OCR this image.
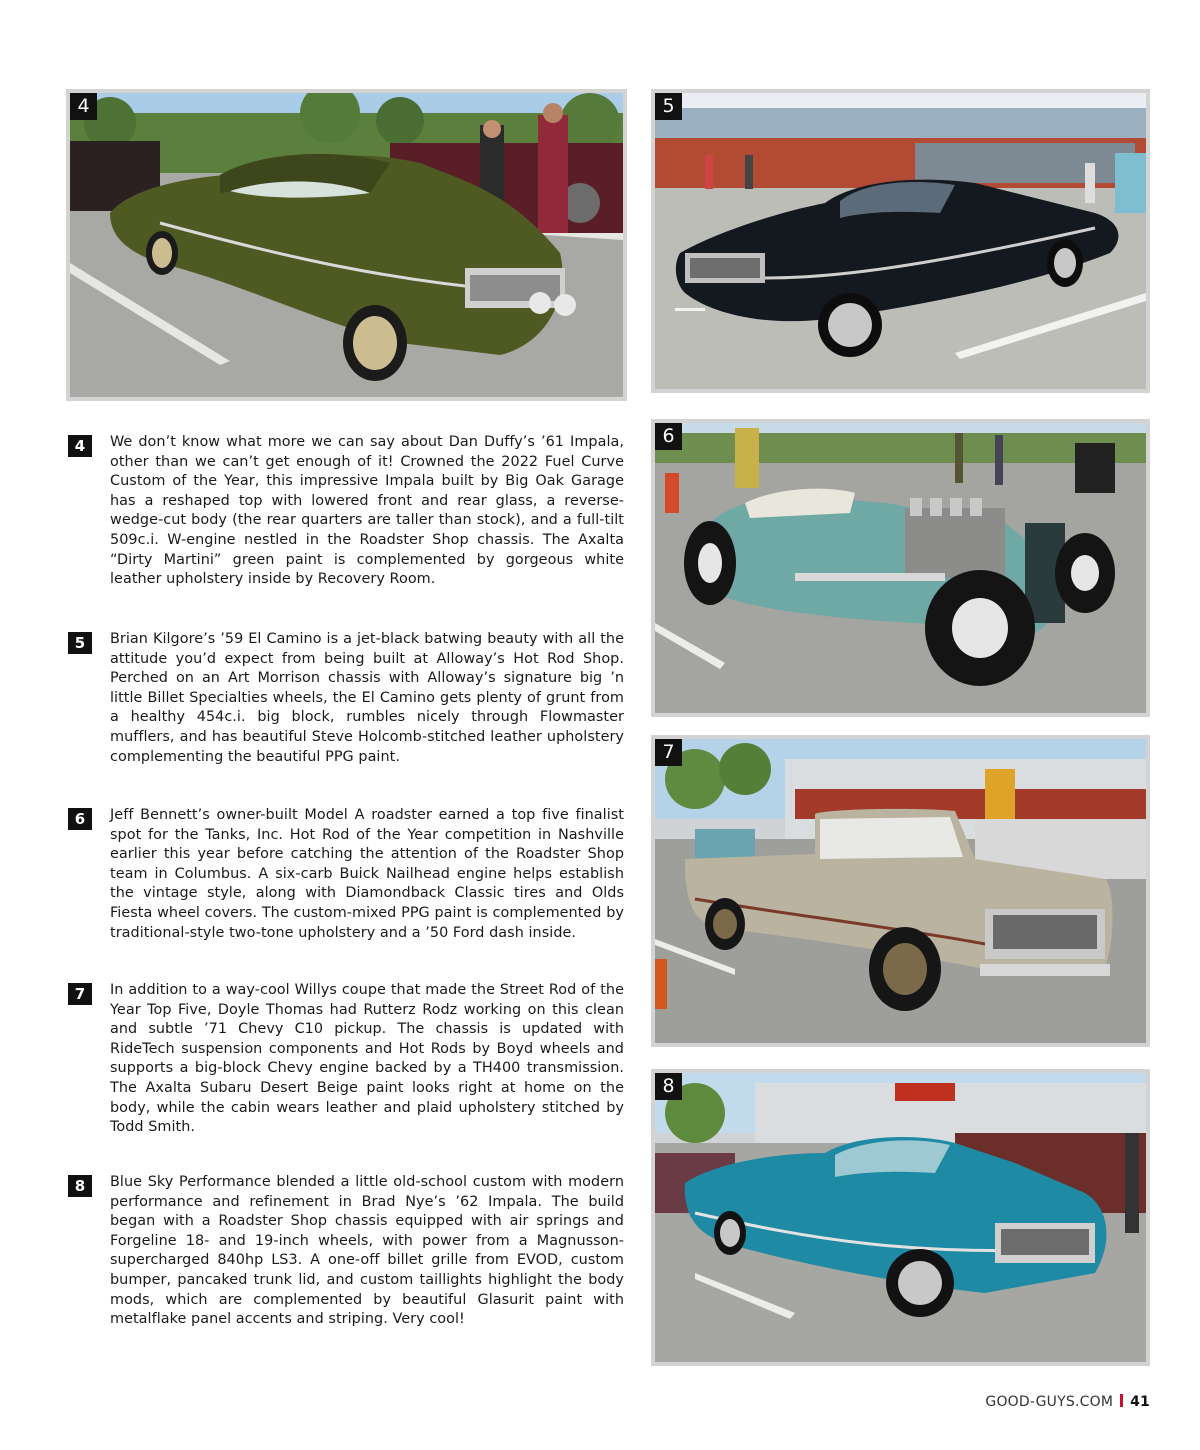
4	5
6
7
8
4	We don’t know what more we can say about Dan Duffy’s ’61 Impala, other than we can’t get enough of it! Crowned the 2022 Fuel Curve Custom of the Year, this impressive Impala built by Big Oak Garage has a reshaped top with lowered front and rear glass, a reverse-wedge-cut body (the rear quarters are taller than stock), and a full-tilt 509c.i. W-engine nestled in the Roadster Shop chassis. The Axalta “Dirty Martini” green paint is complemented by gorgeous white leather upholstery inside by Recovery Room.

5	Brian Kilgore’s ’59 El Camino is a jet-black batwing beauty with all the attitude you’d expect from being built at Alloway’s Hot Rod Shop. Perched on an Art Morrison chassis with Alloway’s signature big ’n little Billet Specialties wheels, the El Camino gets plenty of grunt from a healthy 454c.i. big block, rumbles nicely through Flowmaster mufflers, and has beautiful Steve Holcomb-stitched leather upholstery complementing the beautiful PPG paint.

6	Jeff Bennett’s owner-built Model A roadster earned a top five finalist spot for the Tanks, Inc. Hot Rod of the Year competition in Nashville earlier this year before catching the attention of the Roadster Shop team in Columbus. A six-carb Buick Nailhead engine helps establish the vintage style, along with Diamondback Classic tires and Olds Fiesta wheel covers. The custom-mixed PPG paint is complemented by traditional-style two-tone upholstery and a ’50 Ford dash inside.

7	In addition to a way-cool Willys coupe that made the Street Rod of the Year Top Five, Doyle Thomas had Rutterz Rodz working on this clean and subtle ’71 Chevy C10 pickup. The chassis is updated with RideTech suspension components and Hot Rods by Boyd wheels and supports a big-block Chevy engine backed by a TH400 transmission. The Axalta Subaru Desert Beige paint looks right at home on the body, while the cabin wears leather and plaid upholstery stitched by Todd Smith.

8	Blue Sky Performance blended a little old-school custom with modern performance and refinement in Brad Nye’s ’62 Impala. The build began with a Roadster Shop chassis equipped with air springs and Forgeline 18- and 19-inch wheels, with power from a Magnusson-supercharged 840hp LS3. A one-off billet grille from EVOD, custom bumper, pancaked trunk lid, and custom taillights highlight the body mods, which are complemented by beautiful Glasurit paint with metalflake panel accents and striping. Very cool!

GOOD-GUYS.COM 41
